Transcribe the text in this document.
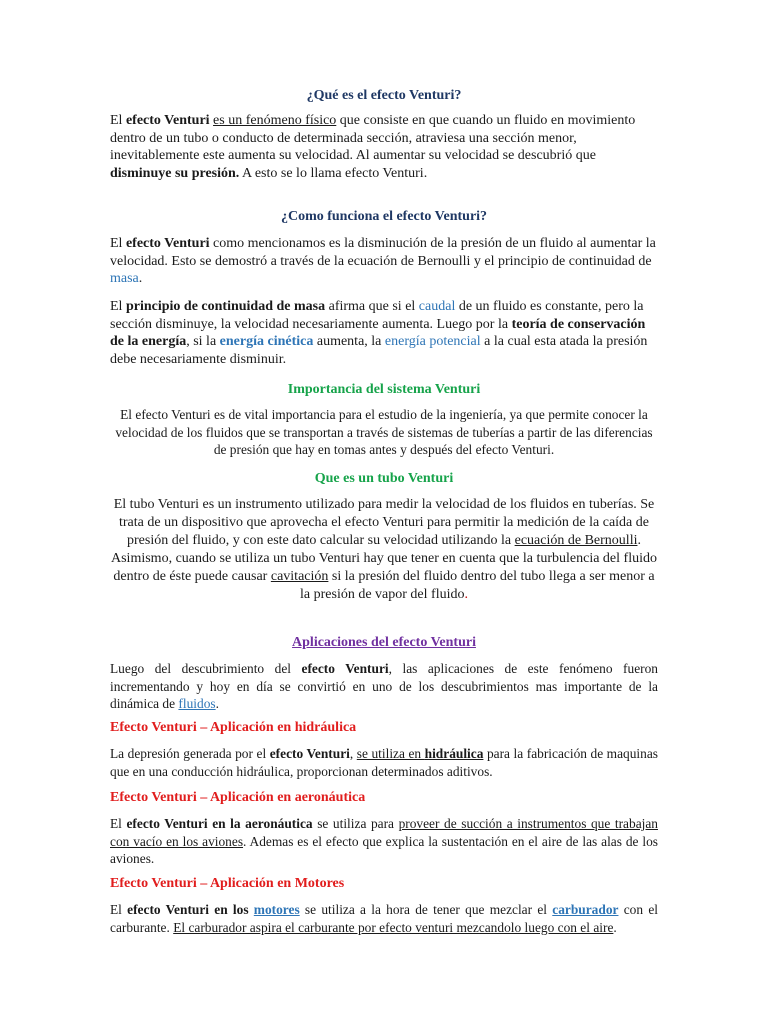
¿Qué es el efecto Venturi?

El efecto Venturi es un fenómeno físico que consiste en que cuando un fluido en movimiento dentro de un tubo o conducto de determinada sección, atraviesa una sección menor, inevitablemente este aumenta su velocidad. Al aumentar su velocidad se descubrió que disminuye su presión. A esto se lo llama efecto Venturi.

¿Como funciona el efecto Venturi?

El efecto Venturi como mencionamos es la disminución de la presión de un fluido al aumentar la velocidad. Esto se demostró a través de la ecuación de Bernoulli y el principio de continuidad de masa.

El principio de continuidad de masa afirma que si el caudal de un fluido es constante, pero la sección disminuye, la velocidad necesariamente aumenta. Luego por la teoría de conservación de la energía, si la energía cinética aumenta, la energía potencial a la cual esta atada la presión debe necesariamente disminuir.

Importancia del sistema Venturi

El efecto Venturi es de vital importancia para el estudio de la ingeniería, ya que permite conocer la velocidad de los fluidos que se transportan a través de sistemas de tuberías a partir de las diferencias de presión que hay en tomas antes y después del efecto Venturi.

Que es un tubo Venturi

El tubo Venturi es un instrumento utilizado para medir la velocidad de los fluidos en tuberías. Se trata de un dispositivo que aprovecha el efecto Venturi para permitir la medición de la caída de presión del fluido, y con este dato calcular su velocidad utilizando la ecuación de Bernoulli. Asimismo, cuando se utiliza un tubo Venturi hay que tener en cuenta que la turbulencia del fluido dentro de éste puede causar cavitación si la presión del fluido dentro del tubo llega a ser menor a la presión de vapor del fluido.

Aplicaciones del efecto Venturi

Luego del descubrimiento del efecto Venturi, las aplicaciones de este fenómeno fueron incrementando y hoy en día se convirtió en uno de los descubrimientos mas importante de la dinámica de fluidos.

Efecto Venturi – Aplicación en hidráulica

La depresión generada por el efecto Venturi, se utiliza en hidráulica para la fabricación de maquinas que en una conducción hidráulica, proporcionan determinados aditivos.

Efecto Venturi – Aplicación en aeronáutica

El efecto Venturi en la aeronáutica se utiliza para proveer de succión a instrumentos que trabajan con vacío en los aviones. Ademas es el efecto que explica la sustentación en el aire de las alas de los aviones.

Efecto Venturi – Aplicación en Motores

El efecto Venturi en los motores se utiliza a la hora de tener que mezclar el carburador con el carburante. El carburador aspira el carburante por efecto venturi mezcandolo luego con el aire.
